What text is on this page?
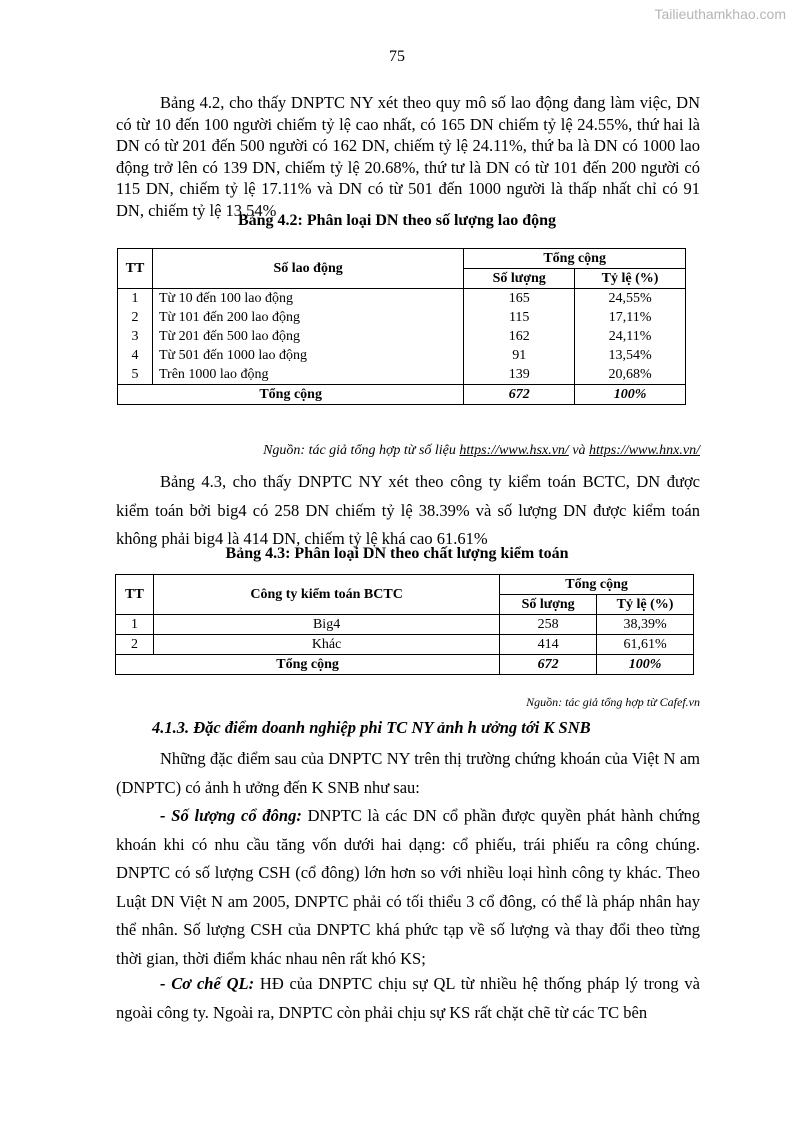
Tailieuthamkhao.com
75

Bảng 4.2, cho thấy DNPTC NY xét theo quy mô số lao động đang làm việc, DN có từ 10 đến 100 người chiếm tỷ lệ cao nhất, có 165 DN chiếm tỷ lệ 24.55%, thứ hai là DN có từ 201 đến 500 người có 162 DN, chiếm tỷ lệ 24.11%, thứ ba là DN có 1000 lao động trở lên có 139 DN, chiếm tỷ lệ 20.68%, thứ tư là DN có từ 101 đến 200 người có 115 DN, chiếm tỷ lệ 17.11% và DN có từ 501 đến 1000 người là thấp nhất chỉ có 91 DN, chiếm tỷ lệ 13.54%

Bảng 4.2: Phân loại DN theo số lượng lao động
TT	Số lao động	Tổng cộng	
		Số lượng	Tỷ lệ (%)
1	Từ 10 đến 100 lao động	165	24,55%
2	Từ 101 đến 200 lao động	115	17,11%
3	Từ 201 đến 500 lao động	162	24,11%
4	Từ 501 đến 1000 lao động	91	13,54%
5	Trên 1000 lao động	139	20,68%
Tổng cộng		672	100%
Nguồn: tác giả tổng hợp từ số liệu https://www.hsx.vn/ và https://www.hnx.vn/

Bảng 4.3, cho thấy DNPTC NY xét theo công ty kiểm toán BCTC, DN được kiểm toán bởi big4 có 258 DN chiếm tỷ lệ 38.39% và số lượng DN được kiểm toán không phải big4 là 414 DN, chiếm tỷ lệ khá cao 61.61%

Bảng 4.3: Phân loại DN theo chất lượng kiểm toán
TT	Công ty kiểm toán BCTC	Tổng cộng	
		Số lượng	Tỷ lệ (%)
1	Big4	258	38,39%
2	Khác	414	61,61%
Tổng cộng		672	100%
Nguồn: tác giả tổng hợp từ Cafef.vn
4.1.3. Đặc điểm doanh nghiệp phi TC NY ảnh h ưởng tới K SNB

Những đặc điểm sau của DNPTC NY trên thị trường chứng khoán của Việt N am (DNPTC) có ảnh h ưởng đến K SNB như sau:

- Số lượng cổ đông: DNPTC là các DN cổ phần được quyền phát hành chứng khoán khi có nhu cầu tăng vốn dưới hai dạng: cổ phiếu, trái phiếu ra công chúng. DNPTC có số lượng CSH (cổ đông) lớn hơn so với nhiều loại hình công ty khác. Theo Luật DN Việt N am 2005, DNPTC phải có tối thiểu 3 cổ đông, có thể là pháp nhân hay thể nhân. Số lượng CSH của DNPTC khá phức tạp về số lượng và thay đổi theo từng thời gian, thời điểm khác nhau nên rất khó KS;

- Cơ chế QL: HĐ của DNPTC chịu sự QL từ nhiều hệ thống pháp lý trong và ngoài công ty. Ngoài ra, DNPTC còn phải chịu sự KS rất chặt chẽ từ các TC bên
